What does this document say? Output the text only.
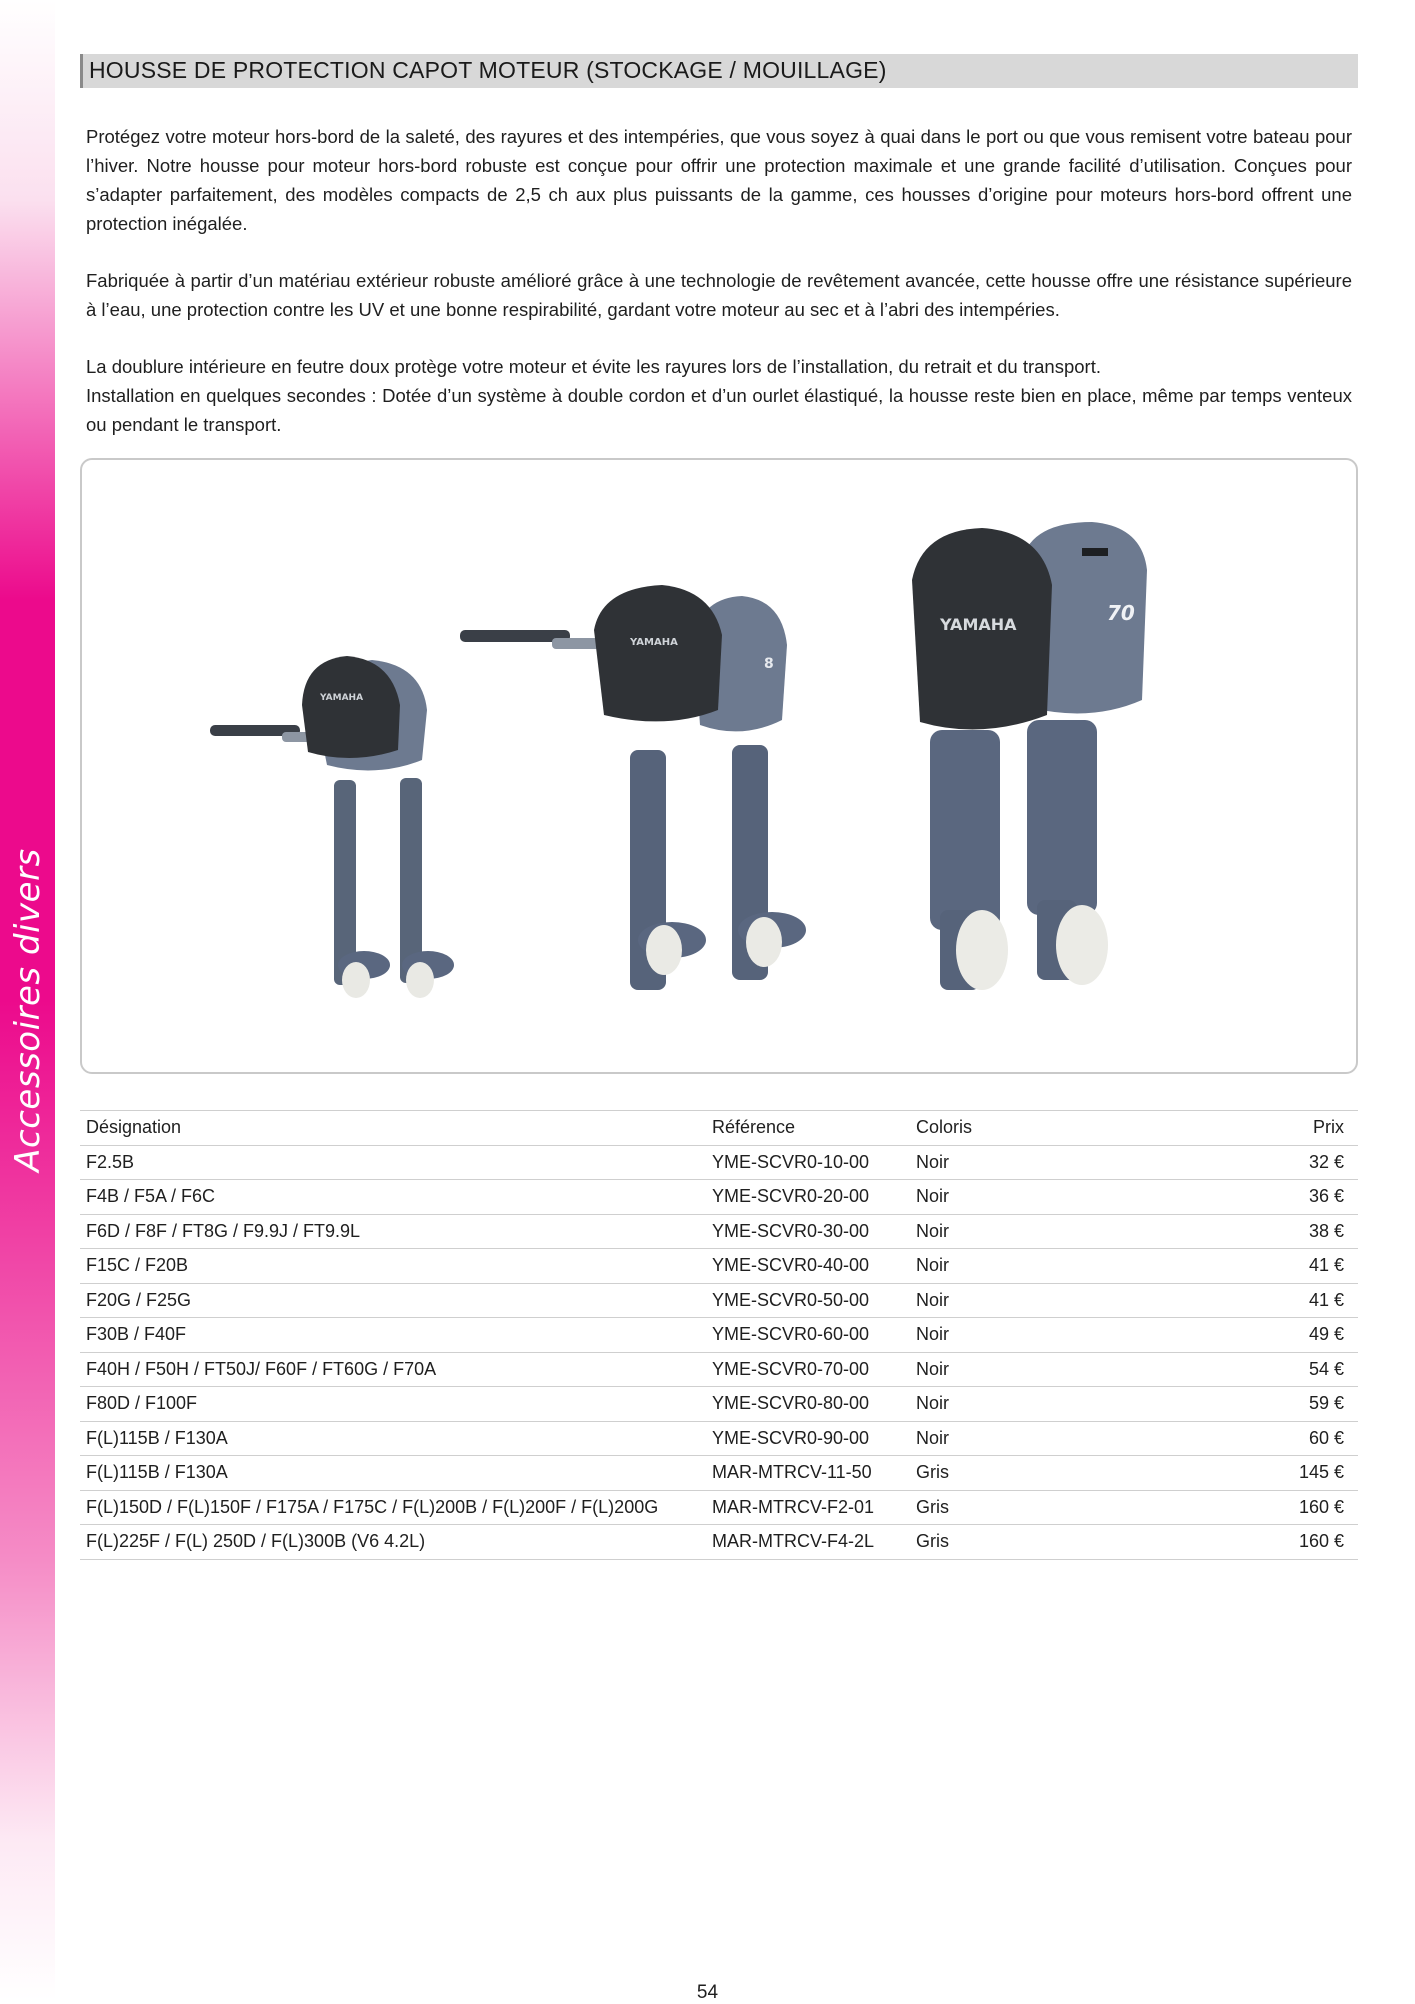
Accessoires divers
HOUSSE DE PROTECTION CAPOT MOTEUR (STOCKAGE / MOUILLAGE)
Protégez votre moteur hors-bord de la saleté, des rayures et des intempéries, que vous soyez à quai dans le port ou que vous remisent votre bateau pour l’hiver. Notre housse pour moteur hors-bord robuste est conçue pour offrir une protection maximale et une grande facilité d’utilisation. Conçues pour s’adapter parfaitement, des modèles compacts de 2,5 ch aux plus puissants de la gamme, ces housses d’origine pour moteurs hors-bord offrent une protection inégalée.
Fabriquée à partir d’un matériau extérieur robuste amélioré grâce à une technologie de revêtement avancée, cette housse offre une résistance supérieure à l’eau, une protection contre les UV et une bonne respirabilité, gardant votre moteur au sec et à l’abri des intempéries.
La doublure intérieure en feutre doux protège votre moteur et évite les rayures lors de l’installation, du retrait et du transport.
Installation en quelques secondes : Dotée d’un système à double cordon et d’un ourlet élastiqué, la housse reste bien en place, même par temps venteux ou pendant le transport.
YAMAHA
8
YAMAHA
70
YAMAHA
Désignation	Référence	Coloris	Prix
F2.5B	YME-SCVR0-10-00	Noir	32 €
F4B / F5A / F6C	YME-SCVR0-20-00	Noir	36 €
F6D / F8F / FT8G / F9.9J / FT9.9L	YME-SCVR0-30-00	Noir	38 €
F15C / F20B	YME-SCVR0-40-00	Noir	41 €
F20G / F25G	YME-SCVR0-50-00	Noir	41 €
F30B / F40F	YME-SCVR0-60-00	Noir	49 €
F40H / F50H / FT50J/ F60F / FT60G / F70A	YME-SCVR0-70-00	Noir	54 €
F80D / F100F	YME-SCVR0-80-00	Noir	59 €
F(L)115B / F130A	YME-SCVR0-90-00	Noir	60 €
F(L)115B / F130A	MAR-MTRCV-11-50	Gris	145 €
F(L)150D / F(L)150F / F175A / F175C / F(L)200B / F(L)200F / F(L)200G	MAR-MTRCV-F2-01	Gris	160 €
F(L)225F / F(L) 250D / F(L)300B (V6 4.2L)	MAR-MTRCV-F4-2L	Gris	160 €
54
